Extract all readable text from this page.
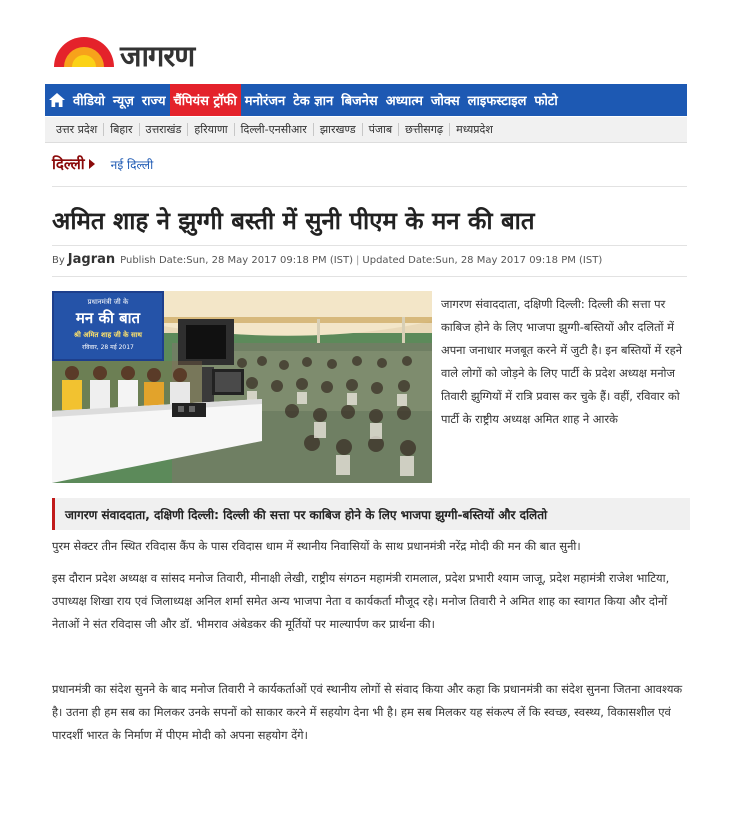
जागरण
वीडियो न्यूज़ राज्य चैंपियंस ट्रॉफी मनोरंजन टेक ज्ञान बिजनेस अध्यात्म जोक्स लाइफस्टाइल फोटो
उत्तर प्रदेश	बिहार	उत्तराखंड	हरियाणा	दिल्ली-एनसीआर	झारखण्ड	पंजाब	छत्तीसगढ़	मध्यप्रदेश
दिल्ली नई दिल्ली
अमित शाह ने झुग्गी बस्ती में सुनी पीएम के मन की बात
By Jagran Publish Date:Sun, 28 May 2017 09:18 PM (IST) | Updated Date:Sun, 28 May 2017 09:18 PM (IST)
प्रधानमंत्री जी के
मन की बात
श्री अमित शाह जी के साथ
रविवार, 28 मई 2017

जागरण संवाददाता, दक्षिणी दिल्ली: दिल्ली की सत्ता पर काबिज होने के लिए भाजपा झुग्गी-बस्तियों और दलितों में अपना जनाधार मजबूत करने में जुटी है। इन बस्तियों में रहने वाले लोगों को जोड़ने के लिए पार्टी के प्रदेश अध्यक्ष मनोज तिवारी झुग्गियों में रात्रि प्रवास कर चुके हैं। वहीं, रविवार को पार्टी के राष्ट्रीय अध्यक्ष अमित शाह ने आरके

जागरण संवाददाता, दक्षिणी दिल्ली: दिल्ली की सत्ता पर काबिज होने के लिए भाजपा झुग्गी-बस्तियों और दलितो

पुरम सेक्टर तीन स्थित रविदास कैंप के पास रविदास धाम में स्थानीय निवासियों के साथ प्रधानमंत्री नरेंद्र मोदी की मन की बात सुनी।

इस दौरान प्रदेश अध्यक्ष व सांसद मनोज तिवारी, मीनाक्षी लेखी, राष्ट्रीय संगठन महामंत्री रामलाल, प्रदेश प्रभारी श्याम जाजू, प्रदेश महामंत्री राजेश भाटिया, उपाध्यक्ष शिखा राय एवं जिलाध्यक्ष अनिल शर्मा समेत अन्य भाजपा नेता व कार्यकर्ता मौजूद रहे। मनोज तिवारी ने अमित शाह का स्वागत किया और दोनों नेताओं ने संत रविदास जी और डॉ. भीमराव अंबेडकर की मूर्तियों पर माल्यार्पण कर प्रार्थना की।

प्रधानमंत्री का संदेश सुनने के बाद मनोज तिवारी ने कार्यकर्ताओं एवं स्थानीय लोगों से संवाद किया और कहा कि प्रधानमंत्री का संदेश सुनना जितना आवश्यक है। उतना ही हम सब का मिलकर उनके सपनों को साकार करने में सहयोग देना भी है। हम सब मिलकर यह संकल्प लें कि स्वच्छ, स्वस्थ्य, विकासशील एवं पारदर्शी भारत के निर्माण में पीएम मोदी को अपना सहयोग देंगे।
